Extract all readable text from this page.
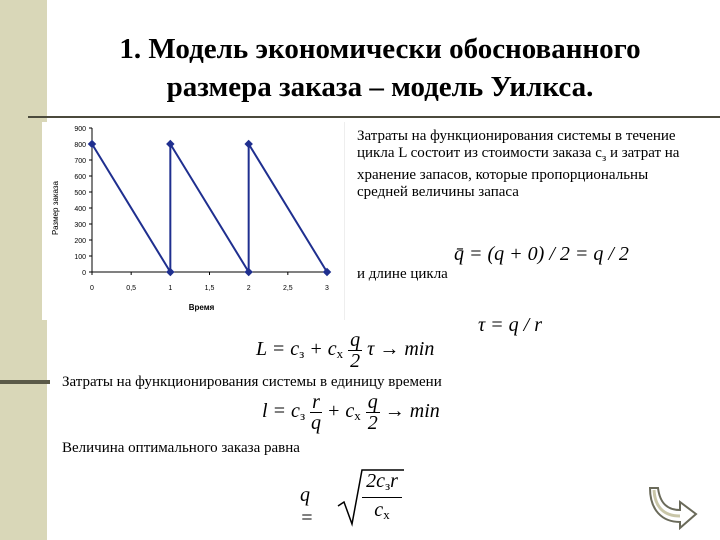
1. Модель экономически обоснованного
размера заказа – модель Уилкса.
0
100
200
300
400
500
600
700
800
900
0	0,5	1	1,5	2	2,5	3
Время
Размер заказа
Затраты на функционирования системы в течение цикла L состоит из стоимости заказа $c_з$ и затрат на хранение запасов, которые пропорциональны средней величины запаса
q̄ = (q + 0) / 2 = q / 2
и длине цикла
τ = q / r
$L = c_з + c_x \frac{q}{2}$ τ → min
Затраты на функционирования системы в единицу времени
$l = c_з \frac{r}{q} + c_x \frac{q}{2} \to \min$
Величина оптимального заказа равна
q =
$2c_зr$
$c_x$
